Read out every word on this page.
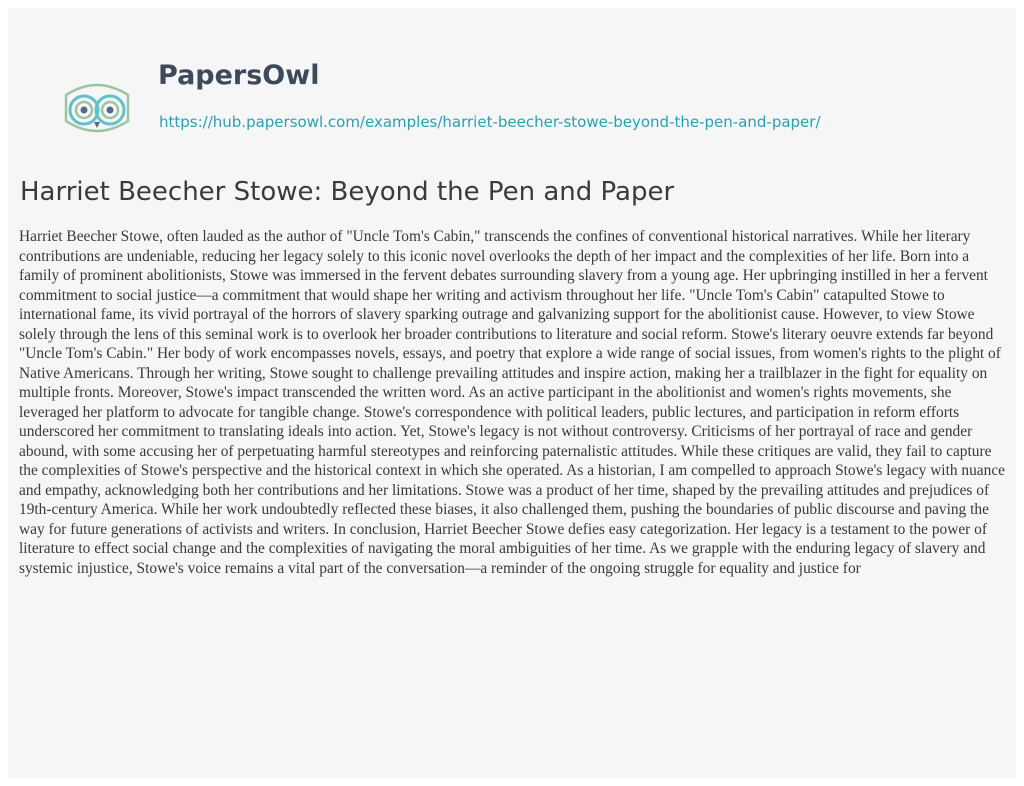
PapersOwl
https://hub.papersowl.com/examples/harriet-beecher-stowe-beyond-the-pen-and-paper/
Harriet Beecher Stowe: Beyond the Pen and Paper

Harriet Beecher Stowe, often lauded as the author of "Uncle Tom's Cabin," transcends the confines of conventional historical narratives. While her literary contributions are undeniable, reducing her legacy solely to this iconic novel overlooks the depth of her impact and the complexities of her life. Born into a family of prominent abolitionists, Stowe was immersed in the fervent debates surrounding slavery from a young age. Her upbringing instilled in her a fervent commitment to social justice—a commitment that would shape her writing and activism throughout her life. "Uncle Tom's Cabin" catapulted Stowe to international fame, its vivid portrayal of the horrors of slavery sparking outrage and galvanizing support for the abolitionist cause. However, to view Stowe solely through the lens of this seminal work is to overlook her broader contributions to literature and social reform. Stowe's literary oeuvre extends far beyond "Uncle Tom's Cabin." Her body of work encompasses novels, essays, and poetry that explore a wide range of social issues, from women's rights to the plight of Native Americans. Through her writing, Stowe sought to challenge prevailing attitudes and inspire action, making her a trailblazer in the fight for equality on multiple fronts. Moreover, Stowe's impact transcended the written word. As an active participant in the abolitionist and women's rights movements, she leveraged her platform to advocate for tangible change. Stowe's correspondence with political leaders, public lectures, and participation in reform efforts underscored her commitment to translating ideals into action. Yet, Stowe's legacy is not without controversy. Criticisms of her portrayal of race and gender abound, with some accusing her of perpetuating harmful stereotypes and reinforcing paternalistic attitudes. While these critiques are valid, they fail to capture the complexities of Stowe's perspective and the historical context in which she operated. As a historian, I am compelled to approach Stowe's legacy with nuance and empathy, acknowledging both her contributions and her limitations. Stowe was a product of her time, shaped by the prevailing attitudes and prejudices of 19th-century America. While her work undoubtedly reflected these biases, it also challenged them, pushing the boundaries of public discourse and paving the way for future generations of activists and writers. In conclusion, Harriet Beecher Stowe defies easy categorization. Her legacy is a testament to the power of literature to effect social change and the complexities of navigating the moral ambiguities of her time. As we grapple with the enduring legacy of slavery and systemic injustice, Stowe's voice remains a vital part of the conversation—a reminder of the ongoing struggle for equality and justice for
